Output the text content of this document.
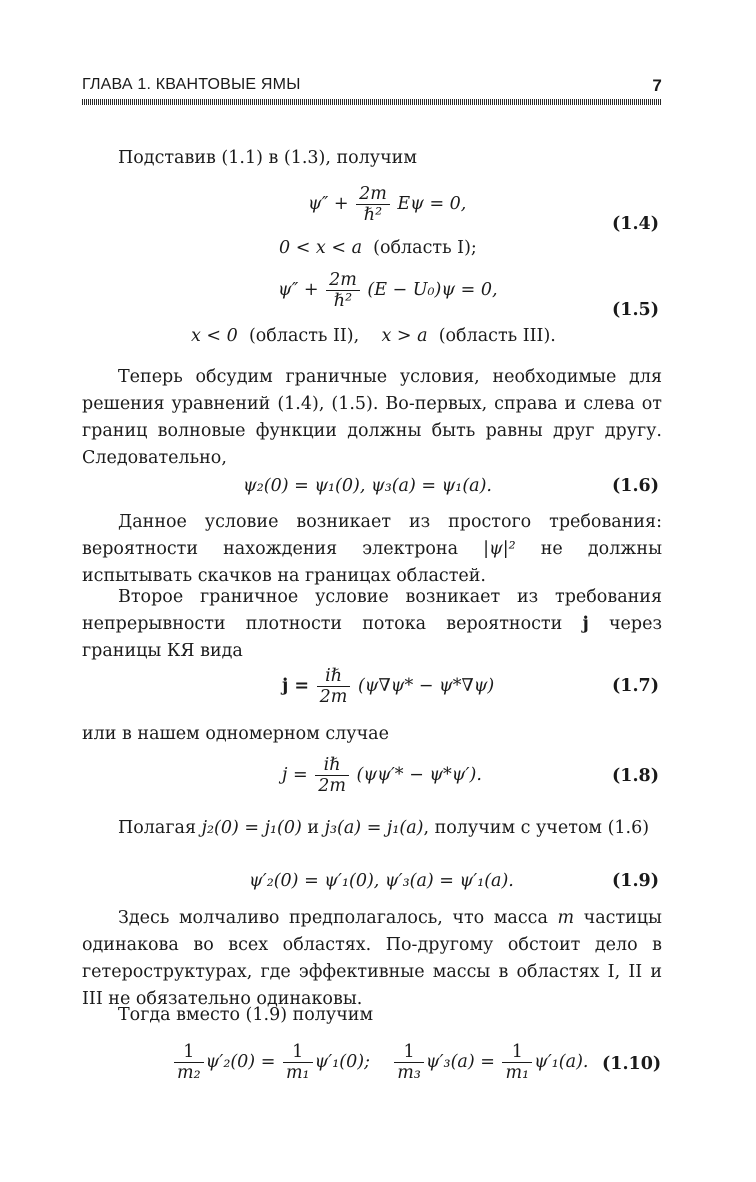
ГЛАВА 1. КВАНТОВЫЕ ЯМЫ	7
Подставив (1.1) в (1.3), получим
$\psi'' + \frac{2m}{\text{ℏ²}}$ Eψ = 0,
0 < x < a (область I);
(1.4)
$\psi'' + \frac{2m}{\text{ℏ²}} (E - U_0)\psi = 0$,
x < 0 (область II), x > a (область III).
(1.5)
Теперь обсудим граничные условия, необходимые для решения уравнений (1.4), (1.5). Во-первых, справа и слева от границ волновые функции должны быть равны друг другу. Следовательно,
ψ₂(0) = ψ₁(0), ψ₃(a) = ψ₁(a).	(1.6)
Данное условие возникает из простого требования: вероятности нахождения электрона |ψ|² не должны испытывать скачков на границах областей.
Второе граничное условие возникает из требования непрерывности плотности потока вероятности j через границы КЯ вида
$j = \frac{\text{iℏ}}{2m} (\psi\nabla\psi* - \psi*\nabla\psi)$	(1.7)
или в нашем одномерном случае
$j = \frac{\text{iℏ}}{2m} (\psi\psi'* - \psi*\psi')$.	(1.8)
Полагая j₂(0) = j₁(0) и j₃(a) = j₁(a), получим с учетом (1.6)
ψ′₂(0) = ψ′₁(0), ψ′₃(a) = ψ′₁(a).	(1.9)
Здесь молчаливо предполагалось, что масса m частицы одинакова во всех областях. По-другому обстоит дело в гетероструктурах, где эффективные массы в областях I, II и III не обязательно одинаковы.
Тогда вместо (1.9) получим
$\frac{1}{\text{m₂}} \psi'_2(0) = \frac{1}{\text{m₁}} \psi'_1(0)$; $\frac{1}{\text{m₃}} \psi'_3(a) = \frac{1}{\text{m₁}} \psi'_1(a)$. (1.10)
